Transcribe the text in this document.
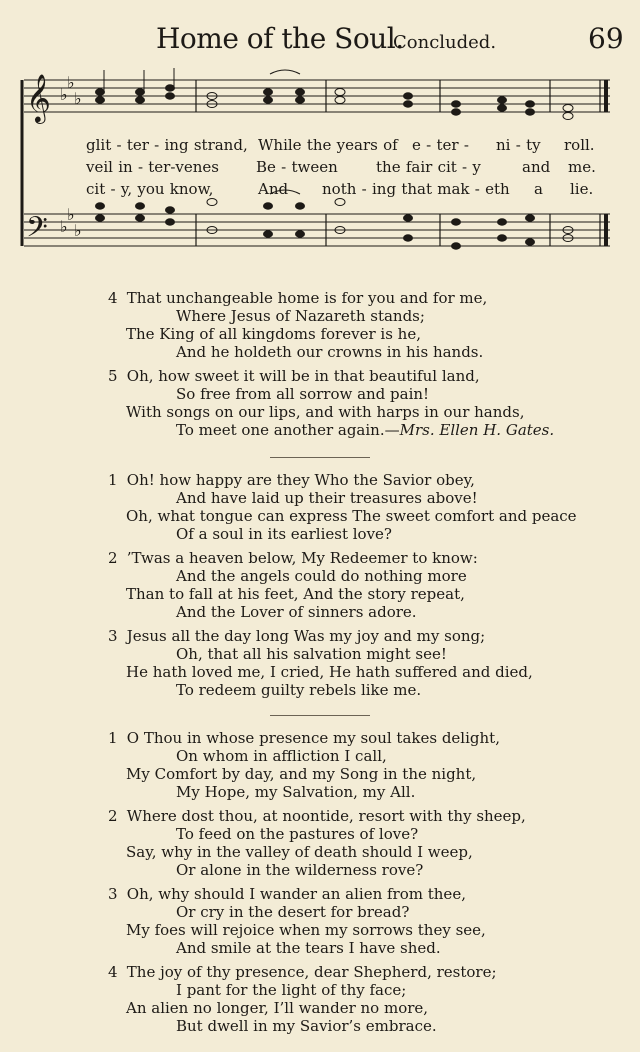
Home of the Soul.
Concluded.	69
𝄞
𝄢
♭
♭
♭
♭
♭
♭
glit - ter - ing strand, While the years of e - ter - ni - ty roll.
veil in - ter-venes Be - tween	the fair cit - y	and me.
cit - y, you know,	And noth - ing that mak - eth a lie.
4 That unchangeable home is for you and for me,
Where Jesus of Nazareth stands;
The King of all kingdoms forever is he,
And he holdeth our crowns in his hands.
5 Oh, how sweet it will be in that beautiful land,
So free from all sorrow and pain!
With songs on our lips, and with harps in our hands,
To meet one another again.—Mrs. Ellen H. Gates.
1 Oh! how happy are they Who the Savior obey,
And have laid up their treasures above!
Oh, what tongue can express The sweet comfort and peace
Of a soul in its earliest love?
2 ’Twas a heaven below, My Redeemer to know:
And the angels could do nothing more
Than to fall at his feet, And the story repeat,
And the Lover of sinners adore.
3 Jesus all the day long Was my joy and my song;
Oh, that all his salvation might see!
He hath loved me, I cried, He hath suffered and died,
To redeem guilty rebels like me.
1 O Thou in whose presence my soul takes delight,
On whom in affliction I call,
My Comfort by day, and my Song in the night,
My Hope, my Salvation, my All.
2 Where dost thou, at noontide, resort with thy sheep,
To feed on the pastures of love?
Say, why in the valley of death should I weep,
Or alone in the wilderness rove?
3 Oh, why should I wander an alien from thee,
Or cry in the desert for bread?
My foes will rejoice when my sorrows they see,
And smile at the tears I have shed.
4 The joy of thy presence, dear Shepherd, restore;
I pant for the light of thy face;
An alien no longer, I’ll wander no more,
But dwell in my Savior’s embrace.
